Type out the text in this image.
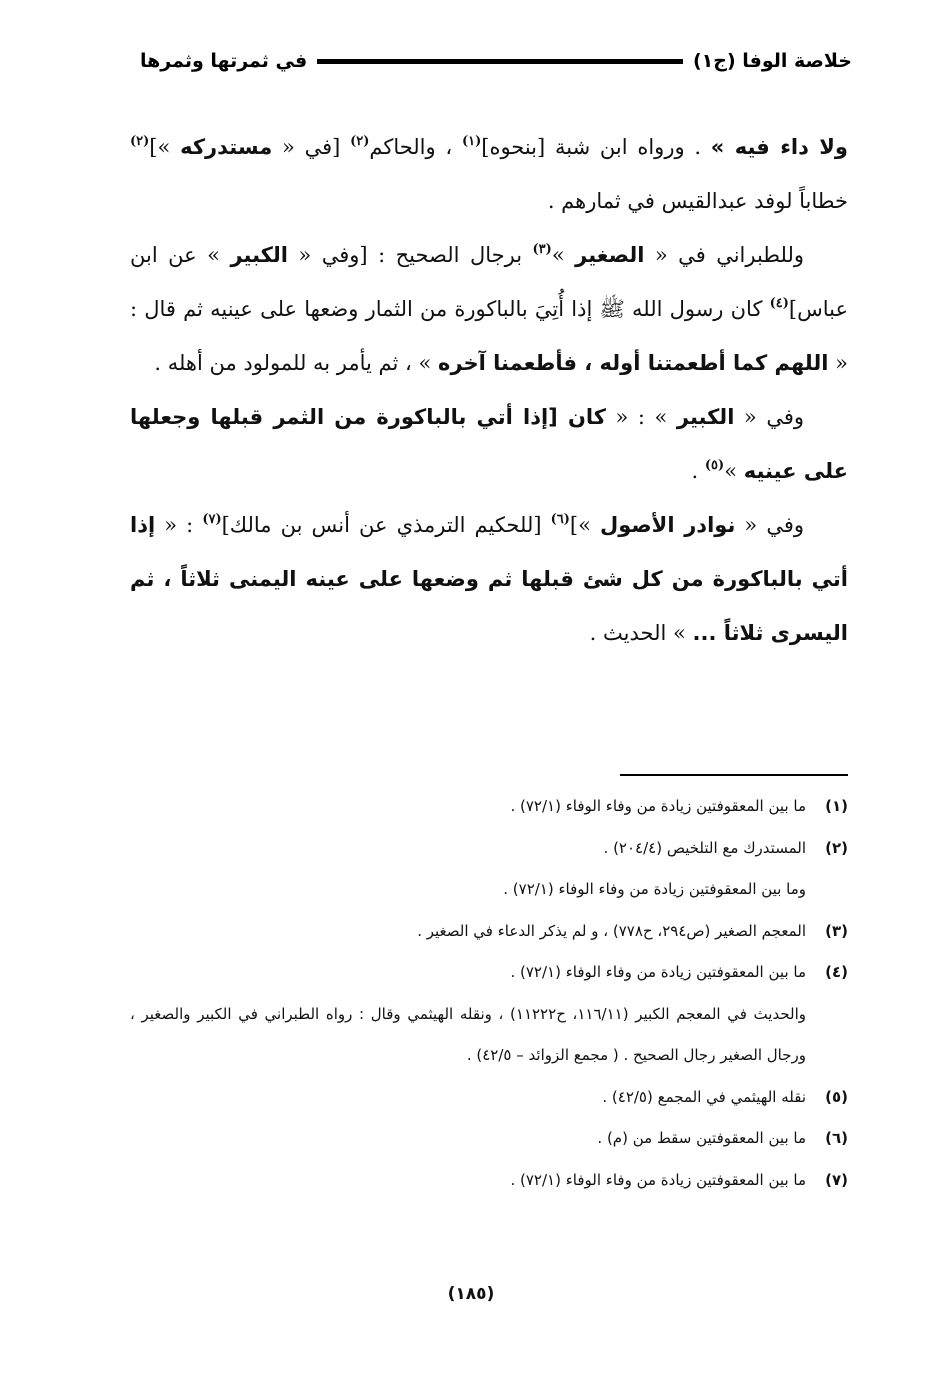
خلاصة الوفا (ج١)
في ثمرتها وثمرها

ولا داء فيه » . ورواه ابن شبة [بنحوه]$^{(١)}$ ، والحاكم$^{(٢)}$ [في « مستدركه »]$^{(٢)}$ خطاباً لوفد عبدالقيس في ثمارهم .

وللطبراني في « الصغير »$^{(٣)}$ برجال الصحيح : [وفي « الكبير » عن ابن عباس]$^{(٤)}$ كان رسول الله ﷺ إذا أُتِيَ بالباكورة من الثمار وضعها على عينيه ثم قال : « اللهم كما أطعمتنا أوله ، فأطعمنا آخره » ، ثم يأمر به للمولود من أهله .

وفي « الكبير » : « كان [إذا أتي بالباكورة من الثمر قبلها وجعلها على عينيه »$^{(٥)}$ .

وفي « نوادر الأصول »]$^{(٦)}$ [للحكيم الترمذي عن أنس بن مالك]$^{(٧)}$ : « إذا أتي بالباكورة من كل شئ قبلها ثم وضعها على عينه اليمنى ثلاثاً ، ثم اليسرى ثلاثاً ... » الحديث .

(١)
ما بين المعقوفتين زيادة من وفاء الوفاء (٧٢/١) .

(٢)
المستدرك مع التلخيص (٢٠٤/٤) .

وما بين المعقوفتين زيادة من وفاء الوفاء (٧٢/١) .

(٣)
المعجم الصغير (ص٢٩٤، ح٧٧٨) ، و لم يذكر الدعاء في الصغير .

(٤)
ما بين المعقوفتين زيادة من وفاء الوفاء (٧٢/١) .

والحديث في المعجم الكبير (١١٦/١١، ح١١٢٢٢) ، ونقله الهيثمي وقال : رواه الطبراني في الكبير والصغير ، ورجال الصغير رجال الصحيح . ( مجمع الزوائد – ٤٢/٥) .

(٥)
نقله الهيثمي في المجمع (٤٢/٥) .

(٦)
ما بين المعقوفتين سقط من (م) .

(٧)
ما بين المعقوفتين زيادة من وفاء الوفاء (٧٢/١) .

(١٨٥)
